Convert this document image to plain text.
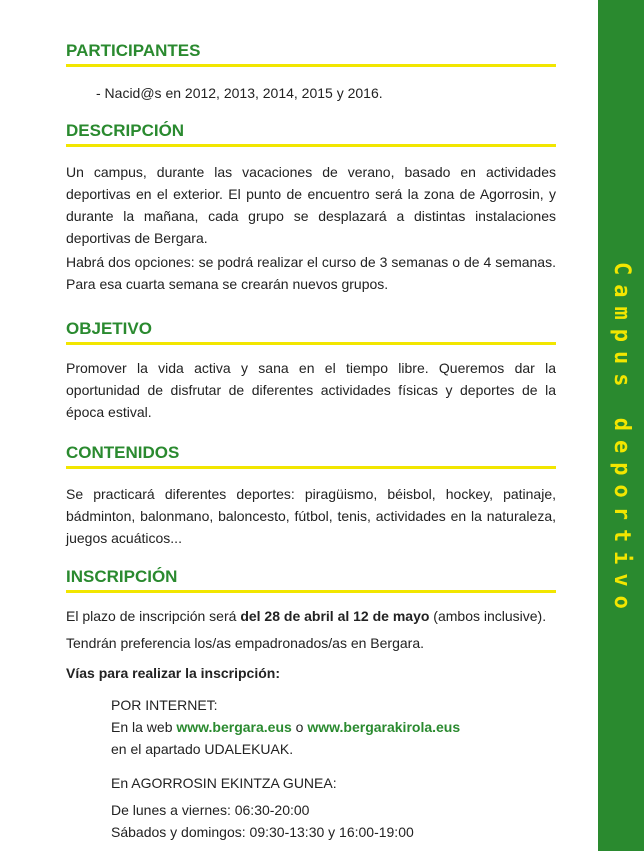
PARTICIPANTES

- Nacid@s en 2012, 2013, 2014, 2015 y 2016.

DESCRIPCIÓN

Un campus, durante las vacaciones de verano, basado en actividades deportivas en el exterior. El punto de encuentro será la zona de Agorrosin, y durante la mañana, cada grupo se desplazará a distintas instalaciones deportivas de Bergara.

Habrá dos opciones: se podrá realizar el curso de 3 semanas o de 4 semanas. Para esa cuarta semana se crearán nuevos grupos.

OBJETIVO

Promover la vida activa y sana en el tiempo libre. Queremos dar la oportunidad de disfrutar de diferentes actividades físicas y deportes de la época estival.

CONTENIDOS

Se practicará diferentes deportes: piragüismo, béisbol, hockey, patinaje, bádminton, balonmano, baloncesto, fútbol, tenis, actividades en la naturaleza, juegos acuáticos...

INSCRIPCIÓN

El plazo de inscripción será del 28 de abril al 12 de mayo (ambos inclusive).

Tendrán preferencia los/as empadronados/as en Bergara.

Vías para realizar la inscripción:

POR INTERNET:

En la web www.bergara.eus o www.bergarakirola.eus

en el apartado UDALEKUAK.

En AGORROSIN EKINTZA GUNEA:

De lunes a viernes: 06:30-20:00

Sábados y domingos: 09:30-13:30 y 16:00-19:00

Campus deportivo
